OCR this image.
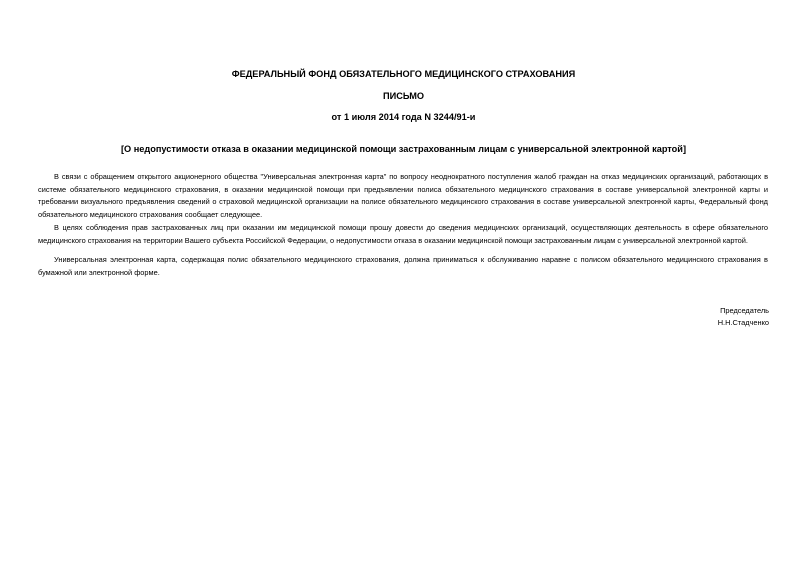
ФЕДЕРАЛЬНЫЙ ФОНД ОБЯЗАТЕЛЬНОГО МЕДИЦИНСКОГО СТРАХОВАНИЯ
ПИСЬМО
от 1 июля 2014 года N 3244/91-и
[О недопустимости отказа в оказании медицинской помощи застрахованным лицам с универсальной электронной картой]

В связи с обращением открытого акционерного общества "Универсальная электронная карта" по вопросу неоднократного поступления жалоб граждан на отказ медицинских организаций, работающих в системе обязательного медицинского страхования, в оказании медицинской помощи при предъявлении полиса обязательного медицинского страхования в составе универсальной электронной карты и требовании визуального предъявления сведений о страховой медицинской организации на полисе обязательного медицинского страхования в составе универсальной электронной карты, Федеральный фонд обязательного медицинского страхования сообщает следующее.

В целях соблюдения прав застрахованных лиц при оказании им медицинской помощи прошу довести до сведения медицинских организаций, осуществляющих деятельность в сфере обязательного медицинского страхования на территории Вашего субъекта Российской Федерации, о недопустимости отказа в оказании медицинской помощи застрахованным лицам с универсальной электронной картой.

Универсальная электронная карта, содержащая полис обязательного медицинского страхования, должна приниматься к обслуживанию наравне с полисом обязательного медицинского страхования в бумажной или электронной форме.

Председатель
Н.Н.Стадченко
